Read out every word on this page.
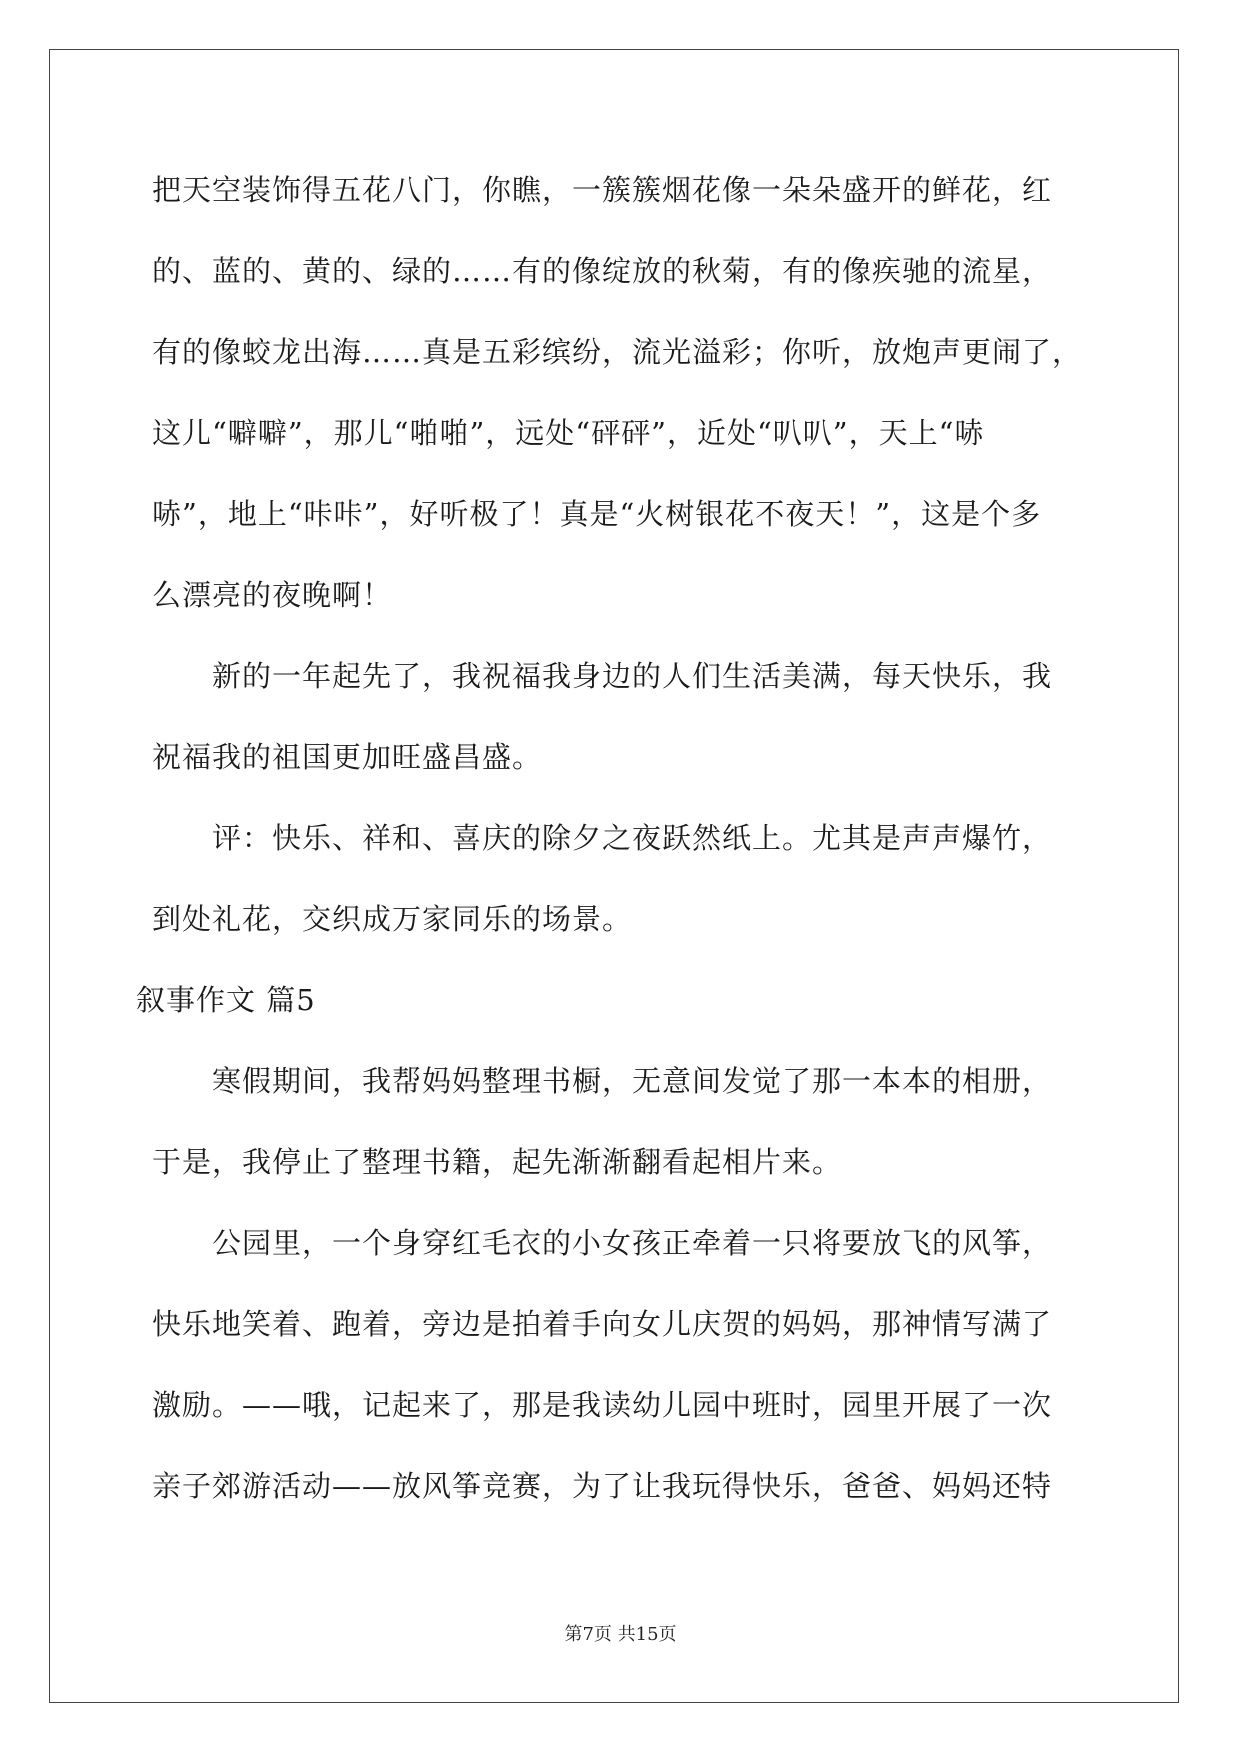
把天空装饰得五花八门，你瞧，一簇簇烟花像一朵朵盛开的鲜花，红
的、蓝的、黄的、绿的……有的像绽放的秋菊，有的像疾驰的流星，
有的像蛟龙出海……真是五彩缤纷，流光溢彩；你听，放炮声更闹了，
这儿“噼噼”，那儿“啪啪”，远处“砰砰”，近处“叭叭”，天上“哧
哧”，地上“咔咔”，好听极了！真是“火树银花不夜天！”，这是个多
么漂亮的夜晚啊！

新的一年起先了，我祝福我身边的人们生活美满，每天快乐，我
祝福我的祖国更加旺盛昌盛。

评：快乐、祥和、喜庆的除夕之夜跃然纸上。尤其是声声爆竹，
到处礼花，交织成万家同乐的场景。

叙事作文 篇5

寒假期间，我帮妈妈整理书橱，无意间发觉了那一本本的相册，
于是，我停止了整理书籍，起先渐渐翻看起相片来。

公园里，一个身穿红毛衣的小女孩正牵着一只将要放飞的风筝，
快乐地笑着、跑着，旁边是拍着手向女儿庆贺的妈妈，那神情写满了
激励。——哦，记起来了，那是我读幼儿园中班时，园里开展了一次
亲子郊游活动——放风筝竞赛，为了让我玩得快乐，爸爸、妈妈还特

第7页 共15页
